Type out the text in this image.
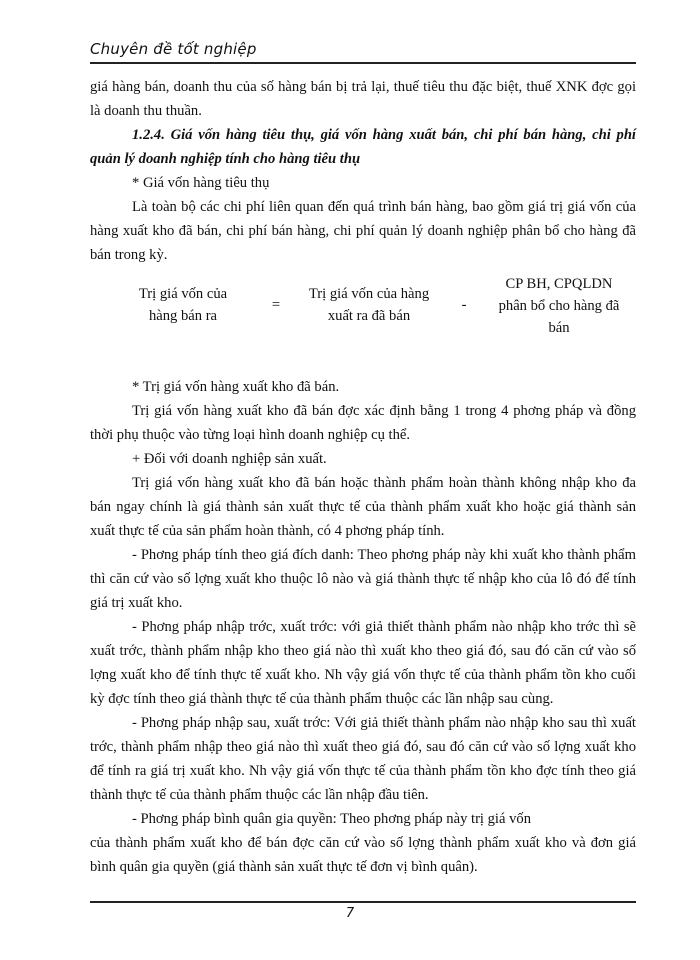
Chuyên đề tốt nghiệp

giá hàng bán, doanh thu của số hàng bán bị trả lại, thuế tiêu thu đặc biệt, thuế XNK đợc gọi là doanh thu thuần.

1.2.4. Giá vốn hàng tiêu thụ, giá vốn hàng xuất bán, chi phí bán hàng, chi phí quản lý doanh nghiệp tính cho hàng tiêu thụ

* Giá vốn hàng tiêu thụ

Là toàn bộ các chi phí liên quan đến quá trình bán hàng, bao gồm giá trị giá vốn của hàng xuất kho đã bán, chi phí bán hàng, chi phí quản lý doanh nghiệp phân bổ cho hàng đã bán trong kỳ.

Trị giá vốn của
hàng bán ra
=
Trị giá vốn của hàng
xuất ra đã bán
-
CP BH, CPQLDN
phân bổ cho hàng đã
bán

* Trị giá vốn hàng xuất kho đã bán.

Trị giá vốn hàng xuất kho đã bán đợc xác định bằng 1 trong 4 phơng pháp và đồng thời phụ thuộc vào từng loại hình doanh nghiệp cụ thể.

+ Đối với doanh nghiệp sản xuất.

Trị giá vốn hàng xuất kho đã bán hoặc thành phẩm hoàn thành không nhập kho đa bán ngay chính là giá thành sản xuất thực tế của thành phẩm xuất kho hoặc giá thành sản xuất thực tế của sản phẩm hoàn thành, có 4 phơng pháp tính.

- Phơng pháp tính theo giá đích danh: Theo phơng pháp này khi xuất kho thành phẩm thì căn cứ vào số lợng xuất kho thuộc lô nào và giá thành thực tế nhập kho của lô đó để tính giá trị xuất kho.

- Phơng pháp nhập trớc, xuất trớc: với giả thiết thành phẩm nào nhập kho trớc thì sẽ xuất trớc, thành phẩm nhập kho theo giá nào thì xuất kho theo giá đó, sau đó căn cứ vào số lợng xuất kho để tính thực tế xuất kho. Nh vậy giá vốn thực tế của thành phẩm tồn kho cuối kỳ đợc tính theo giá thành thực tế của thành phẩm thuộc các lần nhập sau cùng.

- Phơng pháp nhập sau, xuất trớc: Với giả thiết thành phẩm nào nhập kho sau thì xuất trớc, thành phẩm nhập theo giá nào thì xuất theo giá đó, sau đó căn cứ vào số lợng xuất kho để tính ra giá trị xuất kho. Nh vậy giá vốn thực tế của thành phẩm tồn kho đợc tính theo giá thành thực tế của thành phẩm thuộc các lần nhập đầu tiên.

- Phơng pháp bình quân gia quyền: Theo phơng pháp này trị giá vốn

của thành phẩm xuất kho để bán đợc căn cứ vào số lợng thành phẩm xuất kho và đơn giá bình quân gia quyền (giá thành sản xuất thực tế đơn vị bình quân).

7
